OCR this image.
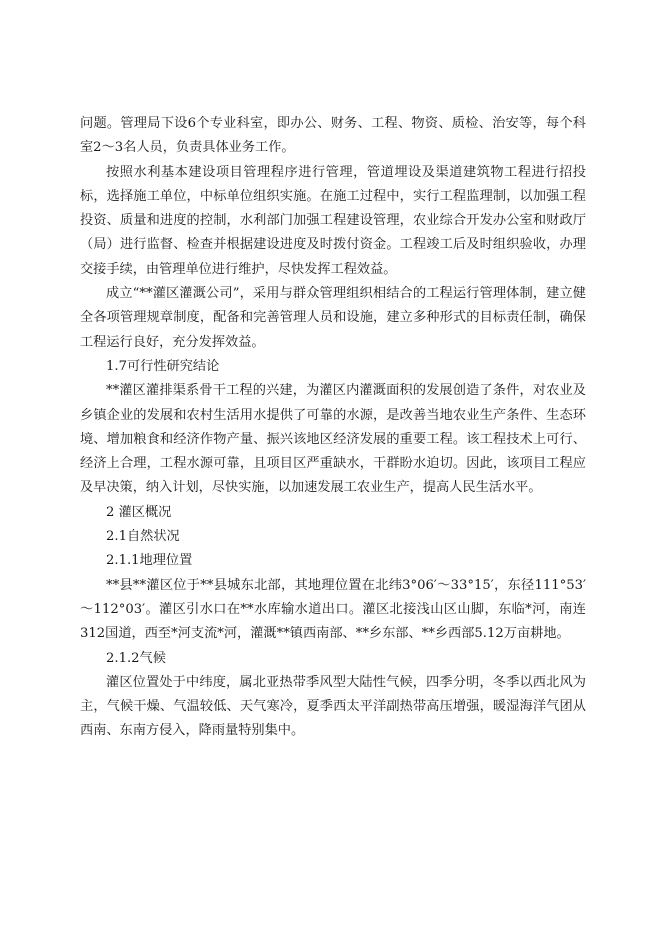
问题。管理局下设6个专业科室，即办公、财务、工程、物资、质检、治安等，每个科室2～3名人员，负责具体业务工作。

按照水利基本建设项目管理程序进行管理，管道埋设及渠道建筑物工程进行招投标，选择施工单位，中标单位组织实施。在施工过程中，实行工程监理制，以加强工程投资、质量和进度的控制，水利部门加强工程建设管理，农业综合开发办公室和财政厅（局）进行监督、检查并根据建设进度及时拨付资金。工程竣工后及时组织验收，办理交接手续，由管理单位进行维护，尽快发挥工程效益。

成立“**灌区灌溉公司”，采用与群众管理组织相结合的工程运行管理体制，建立健全各项管理规章制度，配备和完善管理人员和设施，建立多种形式的目标责任制，确保工程运行良好，充分发挥效益。

1.7可行性研究结论

**灌区灌排渠系骨干工程的兴建，为灌区内灌溉面积的发展创造了条件，对农业及乡镇企业的发展和农村生活用水提供了可靠的水源，是改善当地农业生产条件、生态环境、增加粮食和经济作物产量、振兴该地区经济发展的重要工程。该工程技术上可行、经济上合理，工程水源可靠，且项目区严重缺水，干群盼水迫切。因此，该项目工程应及早决策，纳入计划，尽快实施，以加速发展工农业生产，提高人民生活水平。

2 灌区概况

2.1自然状况

2.1.1地理位置

**县**灌区位于**县城东北部，其地理位置在北纬3°06′～33°15′，东径111°53′～112°03′。灌区引水口在**水库输水道出口。灌区北接浅山区山脚，东临*河，南连312国道，西至*河支流*河，灌溉**镇西南部、**乡东部、**乡西部5.12万亩耕地。

2.1.2气候

灌区位置处于中纬度，属北亚热带季风型大陆性气候，四季分明，冬季以西北风为主，气候干燥、气温较低、天气寒冷，夏季西太平洋副热带高压增强，暖湿海洋气团从西南、东南方侵入，降雨量特别集中。
